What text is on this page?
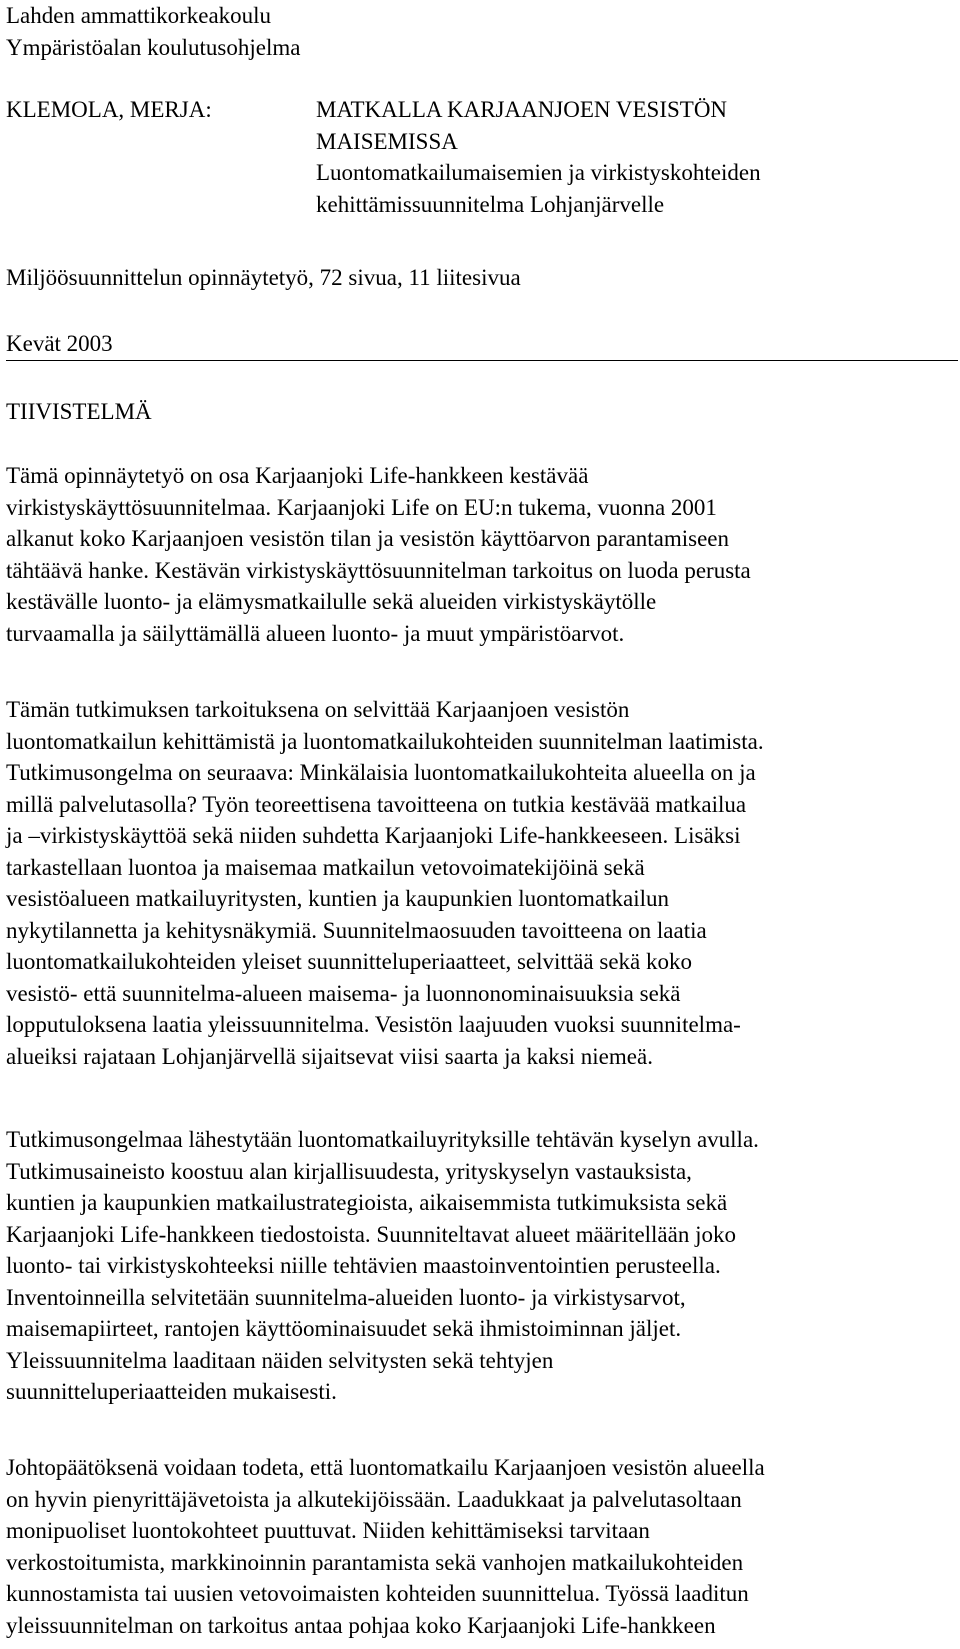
Lahden ammattikorkeakoulu
Ympäristöalan koulutusohjelma
KLEMOLA, MERJA:	MATKALLA KARJAANJOEN VESISTÖN
MAISEMISSA
Luontomatkailumaisemien ja virkistyskohteiden
kehittämissuunnitelma Lohjanjärvelle
Miljöösuunnittelun opinnäytetyö, 72 sivua, 11 liitesivua
Kevät 2003
TIIVISTELMÄ
Tämä opinnäytetyö on osa Karjaanjoki Life-hankkeen kestävää
virkistyskäyttösuunnitelmaa. Karjaanjoki Life on EU:n tukema, vuonna 2001
alkanut koko Karjaanjoen vesistön tilan ja vesistön käyttöarvon parantamiseen
tähtäävä hanke. Kestävän virkistyskäyttösuunnitelman tarkoitus on luoda perusta
kestävälle luonto- ja elämysmatkailulle sekä alueiden virkistyskäytölle
turvaamalla ja säilyttämällä alueen luonto- ja muut ympäristöarvot.
Tämän tutkimuksen tarkoituksena on selvittää Karjaanjoen vesistön
luontomatkailun kehittämistä ja luontomatkailukohteiden suunnitelman laatimista.
Tutkimusongelma on seuraava: Minkälaisia luontomatkailukohteita alueella on ja
millä palvelutasolla? Työn teoreettisena tavoitteena on tutkia kestävää matkailua
ja –virkistyskäyttöä sekä niiden suhdetta Karjaanjoki Life-hankkeeseen. Lisäksi
tarkastellaan luontoa ja maisemaa matkailun vetovoimatekijöinä sekä
vesistöalueen matkailuyritysten, kuntien ja kaupunkien luontomatkailun
nykytilannetta ja kehitysnäkymiä. Suunnitelmaosuuden tavoitteena on laatia
luontomatkailukohteiden yleiset suunnitteluperiaatteet, selvittää sekä koko
vesistö- että suunnitelma-alueen maisema- ja luonnonominaisuuksia sekä
lopputuloksena laatia yleissuunnitelma. Vesistön laajuuden vuoksi suunnitelma-
alueiksi rajataan Lohjanjärvellä sijaitsevat viisi saarta ja kaksi niemeä.
Tutkimusongelmaa lähestytään luontomatkailuyrityksille tehtävän kyselyn avulla.
Tutkimusaineisto koostuu alan kirjallisuudesta, yrityskyselyn vastauksista,
kuntien ja kaupunkien matkailustrategioista, aikaisemmista tutkimuksista sekä
Karjaanjoki Life-hankkeen tiedostoista. Suunniteltavat alueet määritellään joko
luonto- tai virkistyskohteeksi niille tehtävien maastoinventointien perusteella.
Inventoinneilla selvitetään suunnitelma-alueiden luonto- ja virkistysarvot,
maisemapiirteet, rantojen käyttöominaisuudet sekä ihmistoiminnan jäljet.
Yleissuunnitelma laaditaan näiden selvitysten sekä tehtyjen
suunnitteluperiaatteiden mukaisesti.
Johtopäätöksenä voidaan todeta, että luontomatkailu Karjaanjoen vesistön alueella
on hyvin pienyrittäjävetoista ja alkutekijöissään. Laadukkaat ja palvelutasoltaan
monipuoliset luontokohteet puuttuvat. Niiden kehittämiseksi tarvitaan
verkostoitumista, markkinoinnin parantamista sekä vanhojen matkailukohteiden
kunnostamista tai uusien vetovoimaisten kohteiden suunnittelua. Työssä laaditun
yleissuunnitelman on tarkoitus antaa pohjaa koko Karjaanjoki Life-hankkeen
